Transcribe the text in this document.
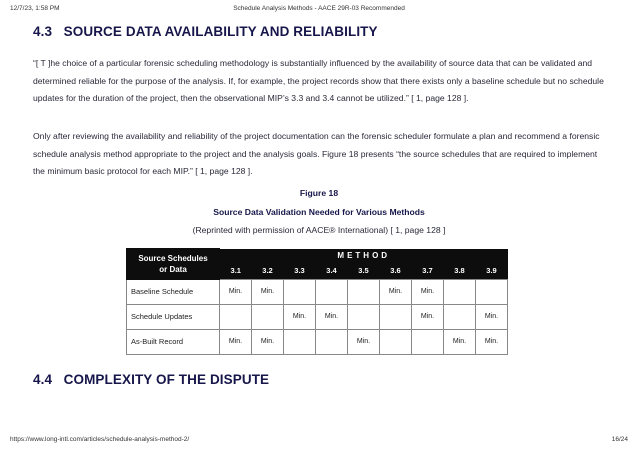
12/7/23, 1:58 PM	Schedule Analysis Methods - AACE 29R-03 Recommended
4.3 SOURCE DATA AVAILABILITY AND RELIABILITY

“[ T ]he choice of a particular forensic scheduling methodology is substantially influenced by the availability of source data that can be validated and determined reliable for the purpose of the analysis. If, for example, the project records show that there exists only a baseline schedule but no schedule updates for the duration of the project, then the observational MIP’s 3.3 and 3.4 cannot be utilized.” [ 1, page 128 ].

Only after reviewing the availability and reliability of the project documentation can the forensic scheduler formulate a plan and recommend a forensic schedule analysis method appropriate to the project and the analysis goals. Figure 18 presents “the source schedules that are required to implement the minimum basic protocol for each MIP.” [ 1, page 128 ].

Figure 18
Source Data Validation Needed for Various Methods
(Reprinted with permission of AACE® International) [ 1, page 128 ]
Source Schedules
or Data	METHOD								
	3.1	3.2	3.3	3.4	3.5	3.6	3.7	3.8	3.9
Baseline Schedule	Min.	Min.				Min.	Min.		
Schedule Updates			Min.	Min.			Min.		Min.
As-Built Record	Min.	Min.			Min.			Min.	Min.
4.4 COMPLEXITY OF THE DISPUTE
https://www.long-intl.com/articles/schedule-analysis-method-2/	16/24
